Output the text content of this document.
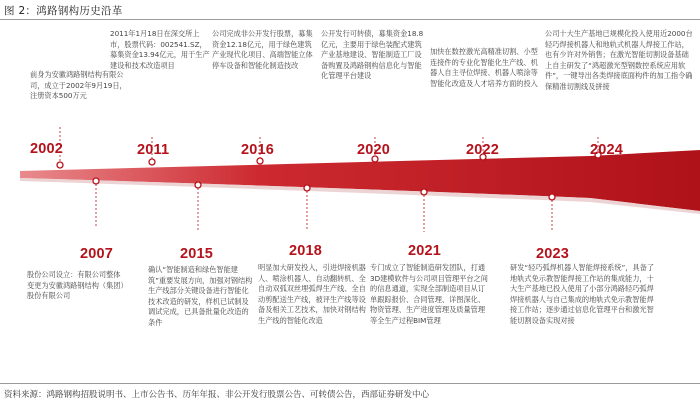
图 2：鸿路钢构历史沿革
前身为安徽鸿路钢结构有限公司，成立于2002年9月19日，注册资本500万元
2011年1月18日在深交所上市，股票代码：002541.SZ，募集资金13.94亿元，用于生产建设和技术改造项目
公司完成非公开发行股票，募集资金12.18亿元，用于绿色建筑产业现代化项目、高端智能立体停车设备和智能化制造技改
公开发行可转债，募集资金18.8亿元，主要用于绿色装配式建筑产业基地建设、智能制造工厂设备购置及鸿路钢构信息化与智能化管理平台建设
加快在数控激光高精准切割、小型连接件的专业化智能化生产线、机器人自主寻位焊接、机器人喷涂等智能化改造及人才培养方面的投入
公司十大生产基地已规模化投入使用近2000台轻巧焊接机器人和地轨式机器人焊接工作站，也有少许对外销售；在激光智能切割设备基础上自主研发了“鸿超激光型钢数控系统应用软件”，一键导出各类焊接底面构件的加工指令确保精准切割线及拼接
2002	2011	2016	2020	2022	2024
2007	2015	2018	2021	2023
股份公司设立：有限公司整体变更为安徽鸿路钢结构（集团）股份有限公司
确认“智能制造和绿色智能建筑”重要发展方向，加强对钢结构生产线部分关键设备进行智能化技术改造的研发，样机已试制及调试完成，已具备批量化改造的条件
明显加大研发投入，引进焊接机器人、喷涂机器人、自动翻转机、全自动双弧双丝埋弧焊生产线、全自动剪配送生产线，被评生产线等设备及相关工艺技术，加快对钢结构生产线的智能化改造
专门成立了智能制造研发团队，打通3D建模软件与公司项目管理平台之间的信息通道，实现全部制造项目从订单跟踪报价、合同管理、详图深化、物资管理、生产进度管理及质量管理等全生产过程BIM管理
研发“轻巧弧焊机器人智能焊接系统”，具备了地轨式免示教智能焊接工作站的集成能力，十大生产基地已投入使用了小部分鸿路轻巧弧焊焊接机器人与自己集成的地轨式免示教智能焊接工作站；逐步通过信息化管理平台和激光智能切割设备实现对接
资料来源：鸿路钢构招股说明书、上市公告书、历年年报、非公开发行股票公告、可转债公告，西部证券研发中心
